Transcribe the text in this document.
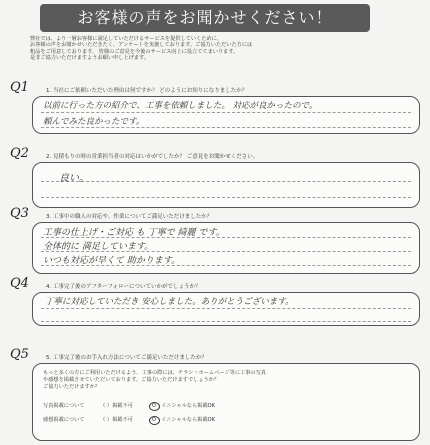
お客様の声をお聞かせください！
弊社では、より一層お客様に満足していただけるサービスを提供していくために、
お客様の声をお聞かせいただきたく、アンケートを実施しております。ご協力いただいた方には
粗品をご用意しております。 皆様のご意見を今後のサービス向上に役立ててまいります。
是非ご協力いただけますようお願い申し上げます。
Q1	1. 当社にご依頼いただいた理由は何ですか？ どのようにお知りになりましたか？
以前に行った方の紹介で、工事を依頼しました。 対応が良かったので。
頼んでみた良かったです。
Q2	2. 見積もりの時の営業担当者の対応はいかがでしたか？ ご意見をお聞かせください。
良い。
Q3	3. 工事中の職人の対応や、作業についてご満足いただけましたか？
工事の仕上げ・ご対応 も 丁寧で 綺麗 です。
全体的に 満足しています。
いつも対応が早くて 助かります。
Q4	4. 工事完了後のアフターフォローについていかがでしょうか？
丁寧に対応していただき 安心しました。ありがとうございます。
Q5	5. 工事完了後のお手入れ方法についてご満足いただけましたか？
もっと多くの方にご利用いただけるよう、工事の際には、チラシ・ホームページ等に工事の写真
や感想を掲載させていただいております。ご協力いただけますでしょうか？
ご協力いただけますか？
写真掲載について	（ ）掲載不可	O イニシャルなら掲載OK
感想掲載について	（ ）掲載不可	O イニシャルなら掲載OK
